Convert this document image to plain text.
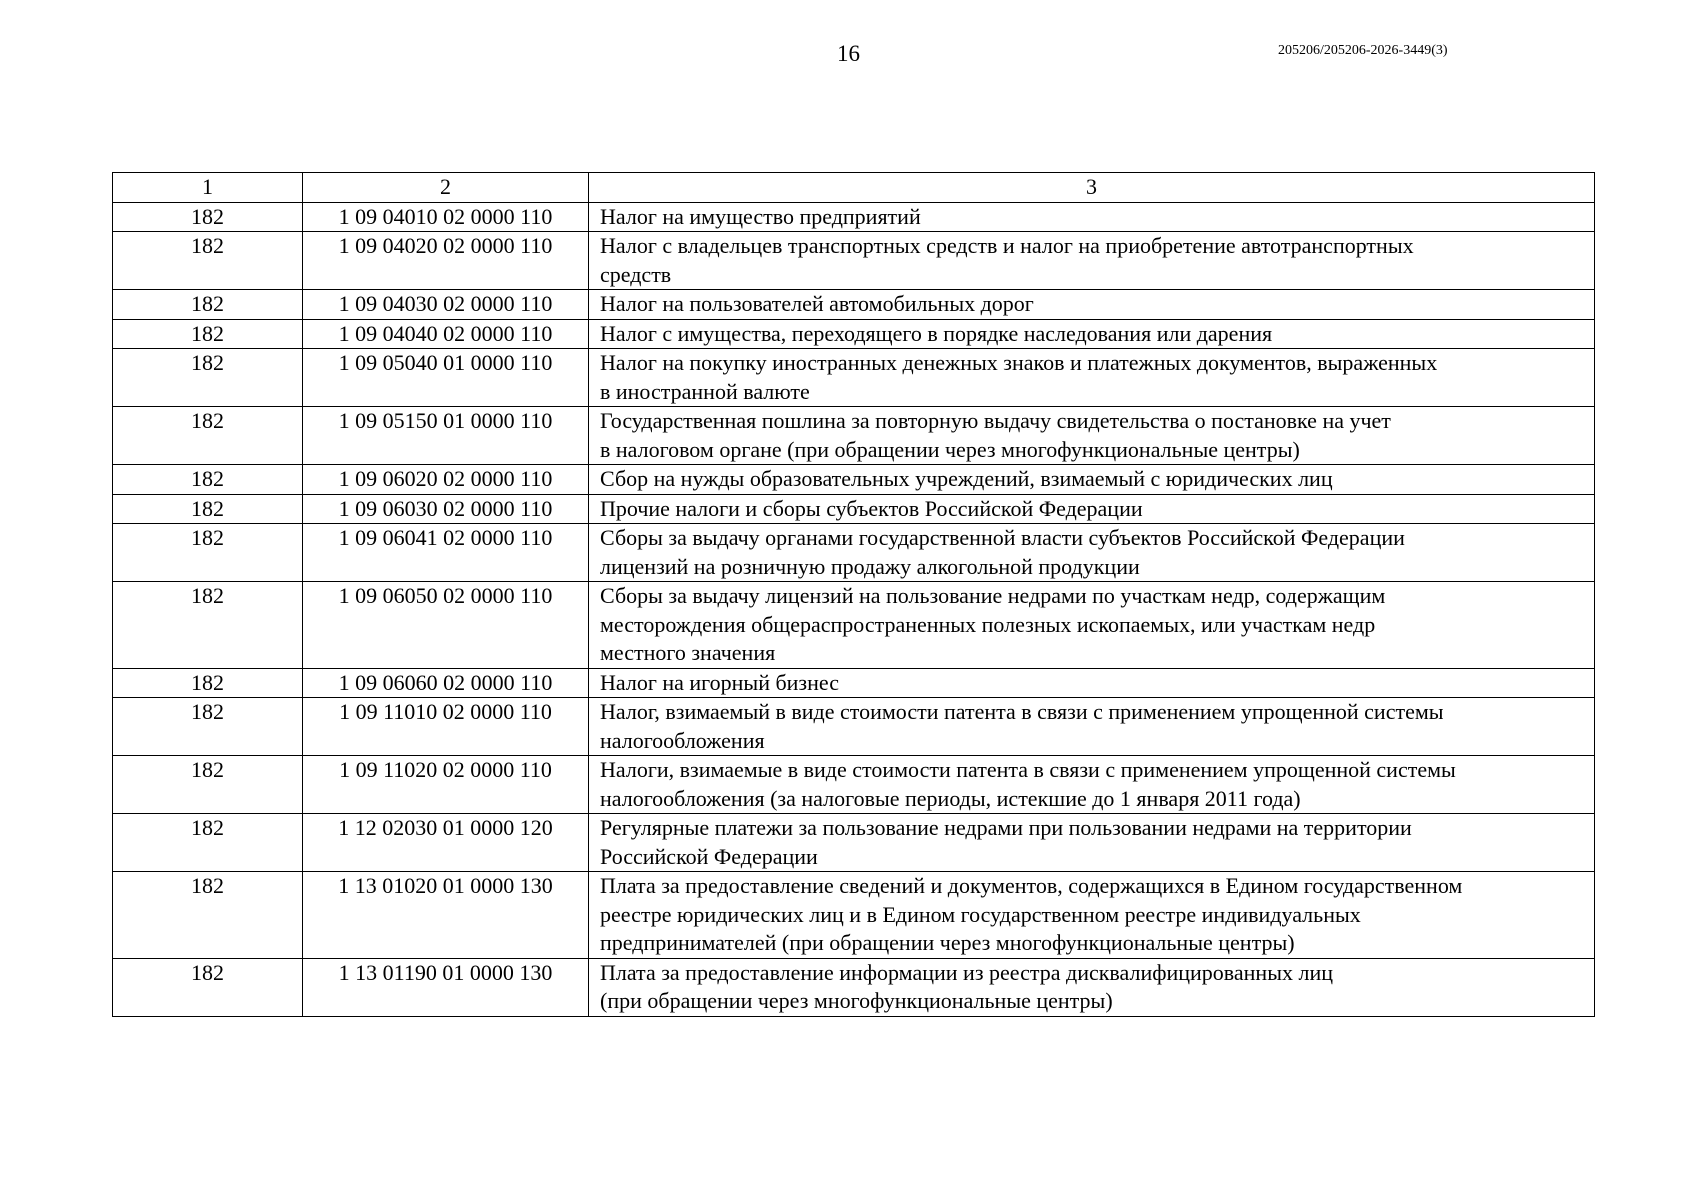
16	205206/205206-2026-3449(3)
1	2	3
182	1 09 04010 02 0000 110	Налог на имущество предприятий

182	1 09 04020 02 0000 110	Налог с владельцев транспортных средств и налог на приобретение автотранспортных
средств

182	1 09 04030 02 0000 110	Налог на пользователей автомобильных дорог

182	1 09 04040 02 0000 110	Налог с имущества, переходящего в порядке наследования или дарения

182	1 09 05040 01 0000 110	Налог на покупку иностранных денежных знаков и платежных документов, выраженных
в иностранной валюте

182	1 09 05150 01 0000 110	Государственная пошлина за повторную выдачу свидетельства о постановке на учет
в налоговом органе (при обращении через многофункциональные центры)

182	1 09 06020 02 0000 110	Сбор на нужды образовательных учреждений, взимаемый с юридических лиц

182	1 09 06030 02 0000 110	Прочие налоги и сборы субъектов Российской Федерации

182	1 09 06041 02 0000 110	Сборы за выдачу органами государственной власти субъектов Российской Федерации
лицензий на розничную продажу алкогольной продукции

182	1 09 06050 02 0000 110	Сборы за выдачу лицензий на пользование недрами по участкам недр, содержащим
месторождения общераспространенных полезных ископаемых, или участкам недр
местного значения

182	1 09 06060 02 0000 110	Налог на игорный бизнес

182	1 09 11010 02 0000 110	Налог, взимаемый в виде стоимости патента в связи с применением упрощенной системы
налогообложения

182	1 09 11020 02 0000 110	Налоги, взимаемые в виде стоимости патента в связи с применением упрощенной системы
налогообложения (за налоговые периоды, истекшие до 1 января 2011 года)

182	1 12 02030 01 0000 120	Регулярные платежи за пользование недрами при пользовании недрами на территории
Российской Федерации

182	1 13 01020 01 0000 130	Плата за предоставление сведений и документов, содержащихся в Едином государственном
реестре юридических лиц и в Едином государственном реестре индивидуальных
предпринимателей (при обращении через многофункциональные центры)

182	1 13 01190 01 0000 130	Плата за предоставление информации из реестра дисквалифицированных лиц
(при обращении через многофункциональные центры)
